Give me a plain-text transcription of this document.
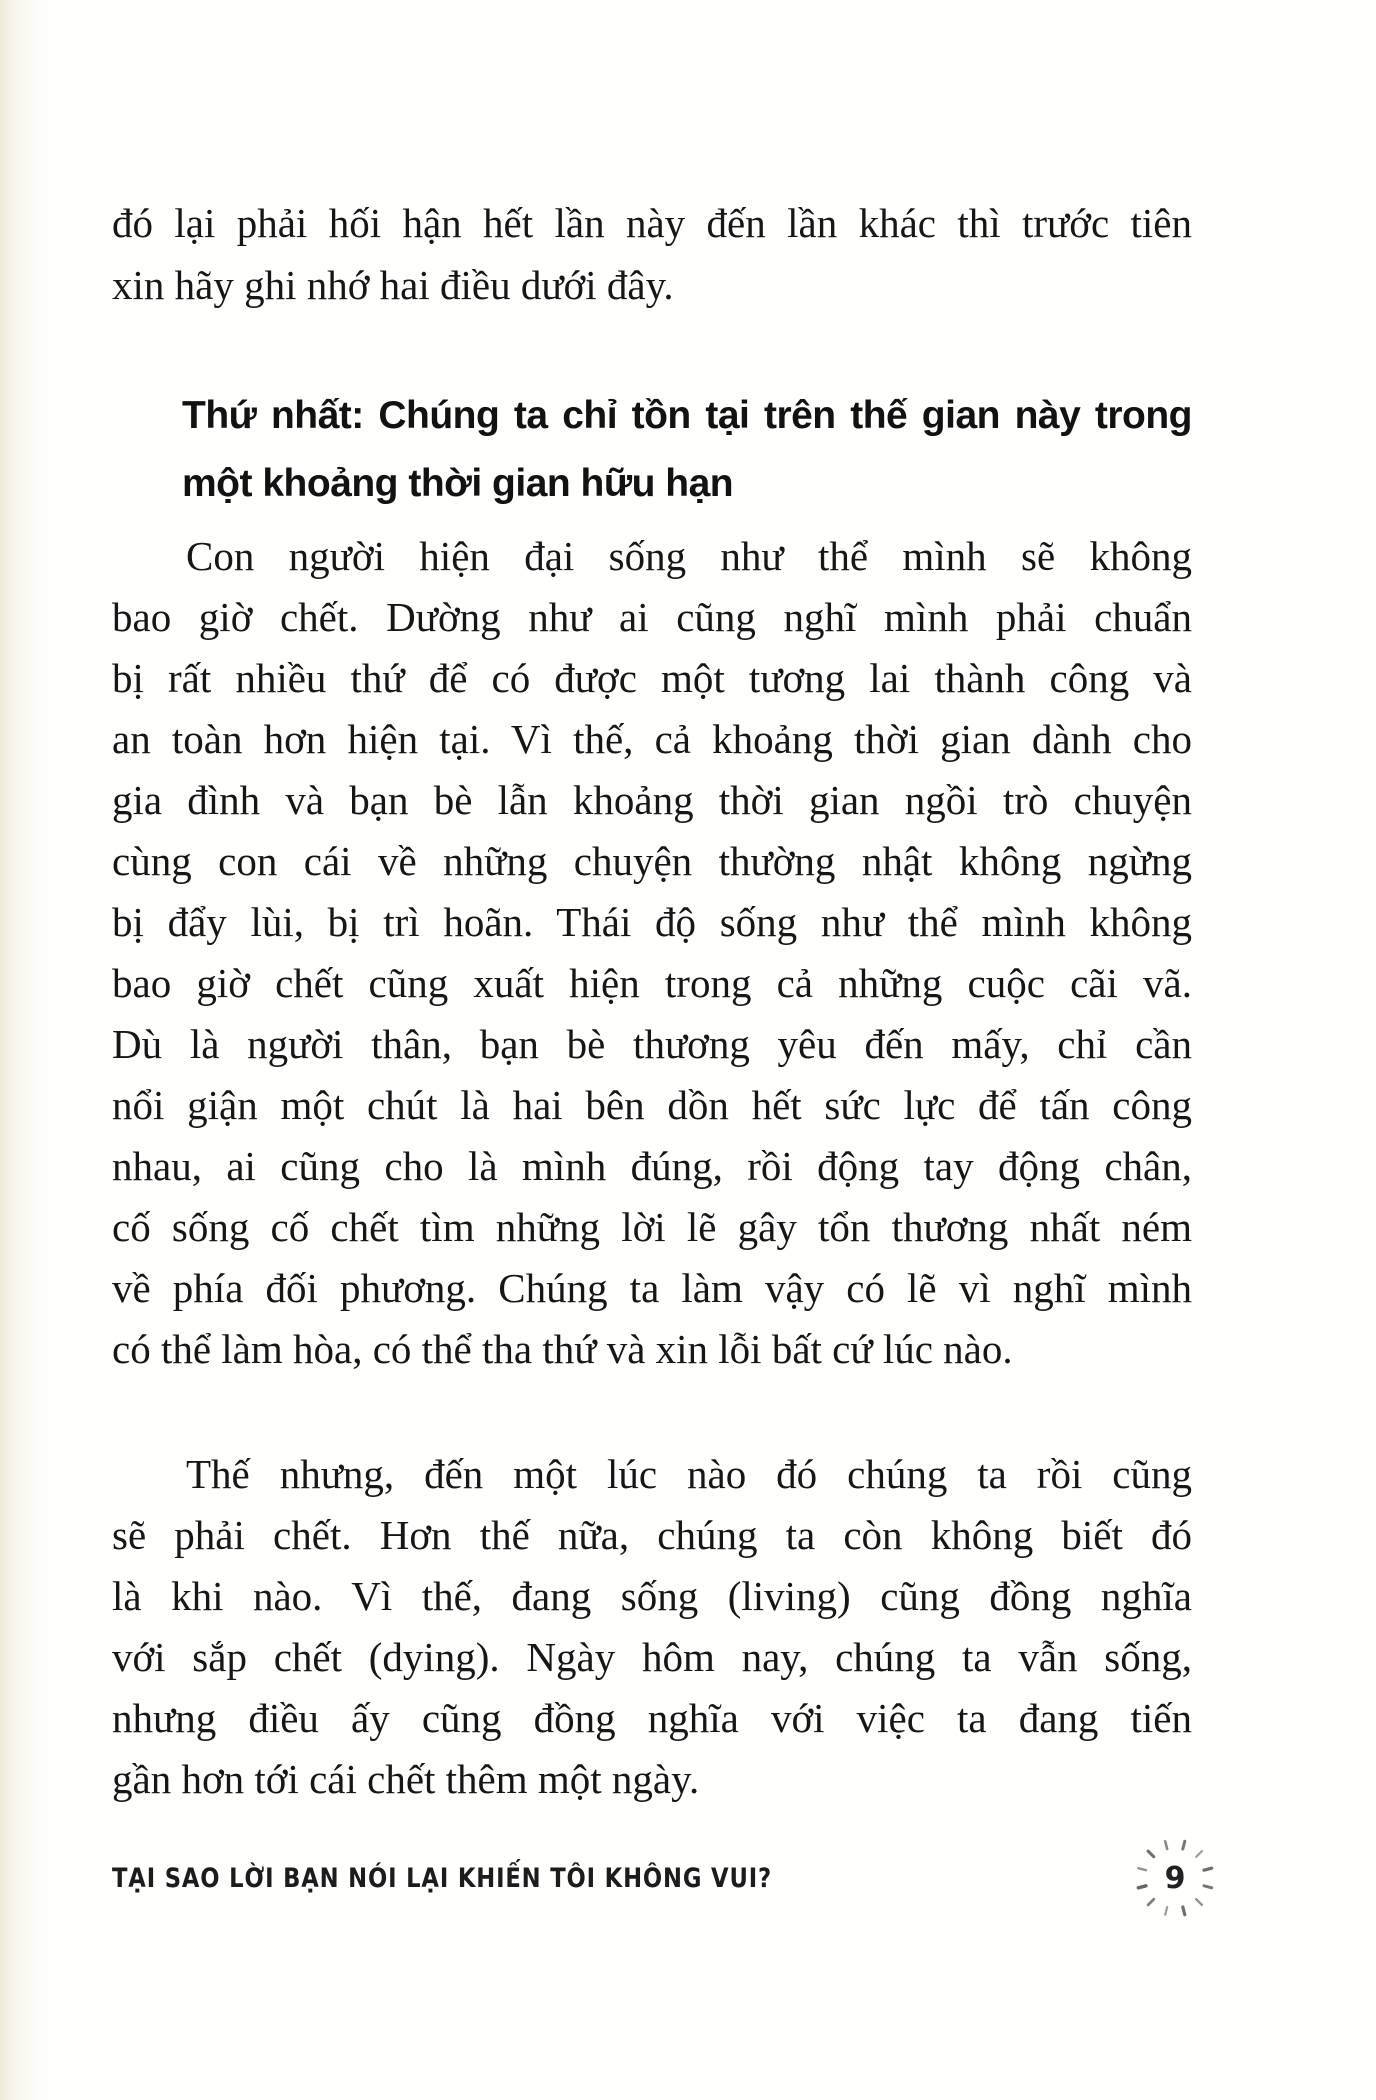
đó lại phải hối hận hết lần này đến lần khác thì trước tiên
xin hãy ghi nhớ hai điều dưới đây.
Thứ nhất: Chúng ta chỉ tồn tại trên thế gian này trong
một khoảng thời gian hữu hạn
Con người hiện đại sống như thể mình sẽ không
bao giờ chết. Dường như ai cũng nghĩ mình phải chuẩn
bị rất nhiều thứ để có được một tương lai thành công và
an toàn hơn hiện tại. Vì thế, cả khoảng thời gian dành cho
gia đình và bạn bè lẫn khoảng thời gian ngồi trò chuyện
cùng con cái về những chuyện thường nhật không ngừng
bị đẩy lùi, bị trì hoãn. Thái độ sống như thể mình không
bao giờ chết cũng xuất hiện trong cả những cuộc cãi vã.
Dù là người thân, bạn bè thương yêu đến mấy, chỉ cần
nổi giận một chút là hai bên dồn hết sức lực để tấn công
nhau, ai cũng cho là mình đúng, rồi động tay động chân,
cố sống cố chết tìm những lời lẽ gây tổn thương nhất ném
về phía đối phương. Chúng ta làm vậy có lẽ vì nghĩ mình
có thể làm hòa, có thể tha thứ và xin lỗi bất cứ lúc nào.
Thế nhưng, đến một lúc nào đó chúng ta rồi cũng
sẽ phải chết. Hơn thế nữa, chúng ta còn không biết đó
là khi nào. Vì thế, đang sống (living) cũng đồng nghĩa
với sắp chết (dying). Ngày hôm nay, chúng ta vẫn sống,
nhưng điều ấy cũng đồng nghĩa với việc ta đang tiến
gần hơn tới cái chết thêm một ngày.
TẠI SAO LỜI BẠN NÓI LẠI KHIẾN TÔI KHÔNG VUI?	9
